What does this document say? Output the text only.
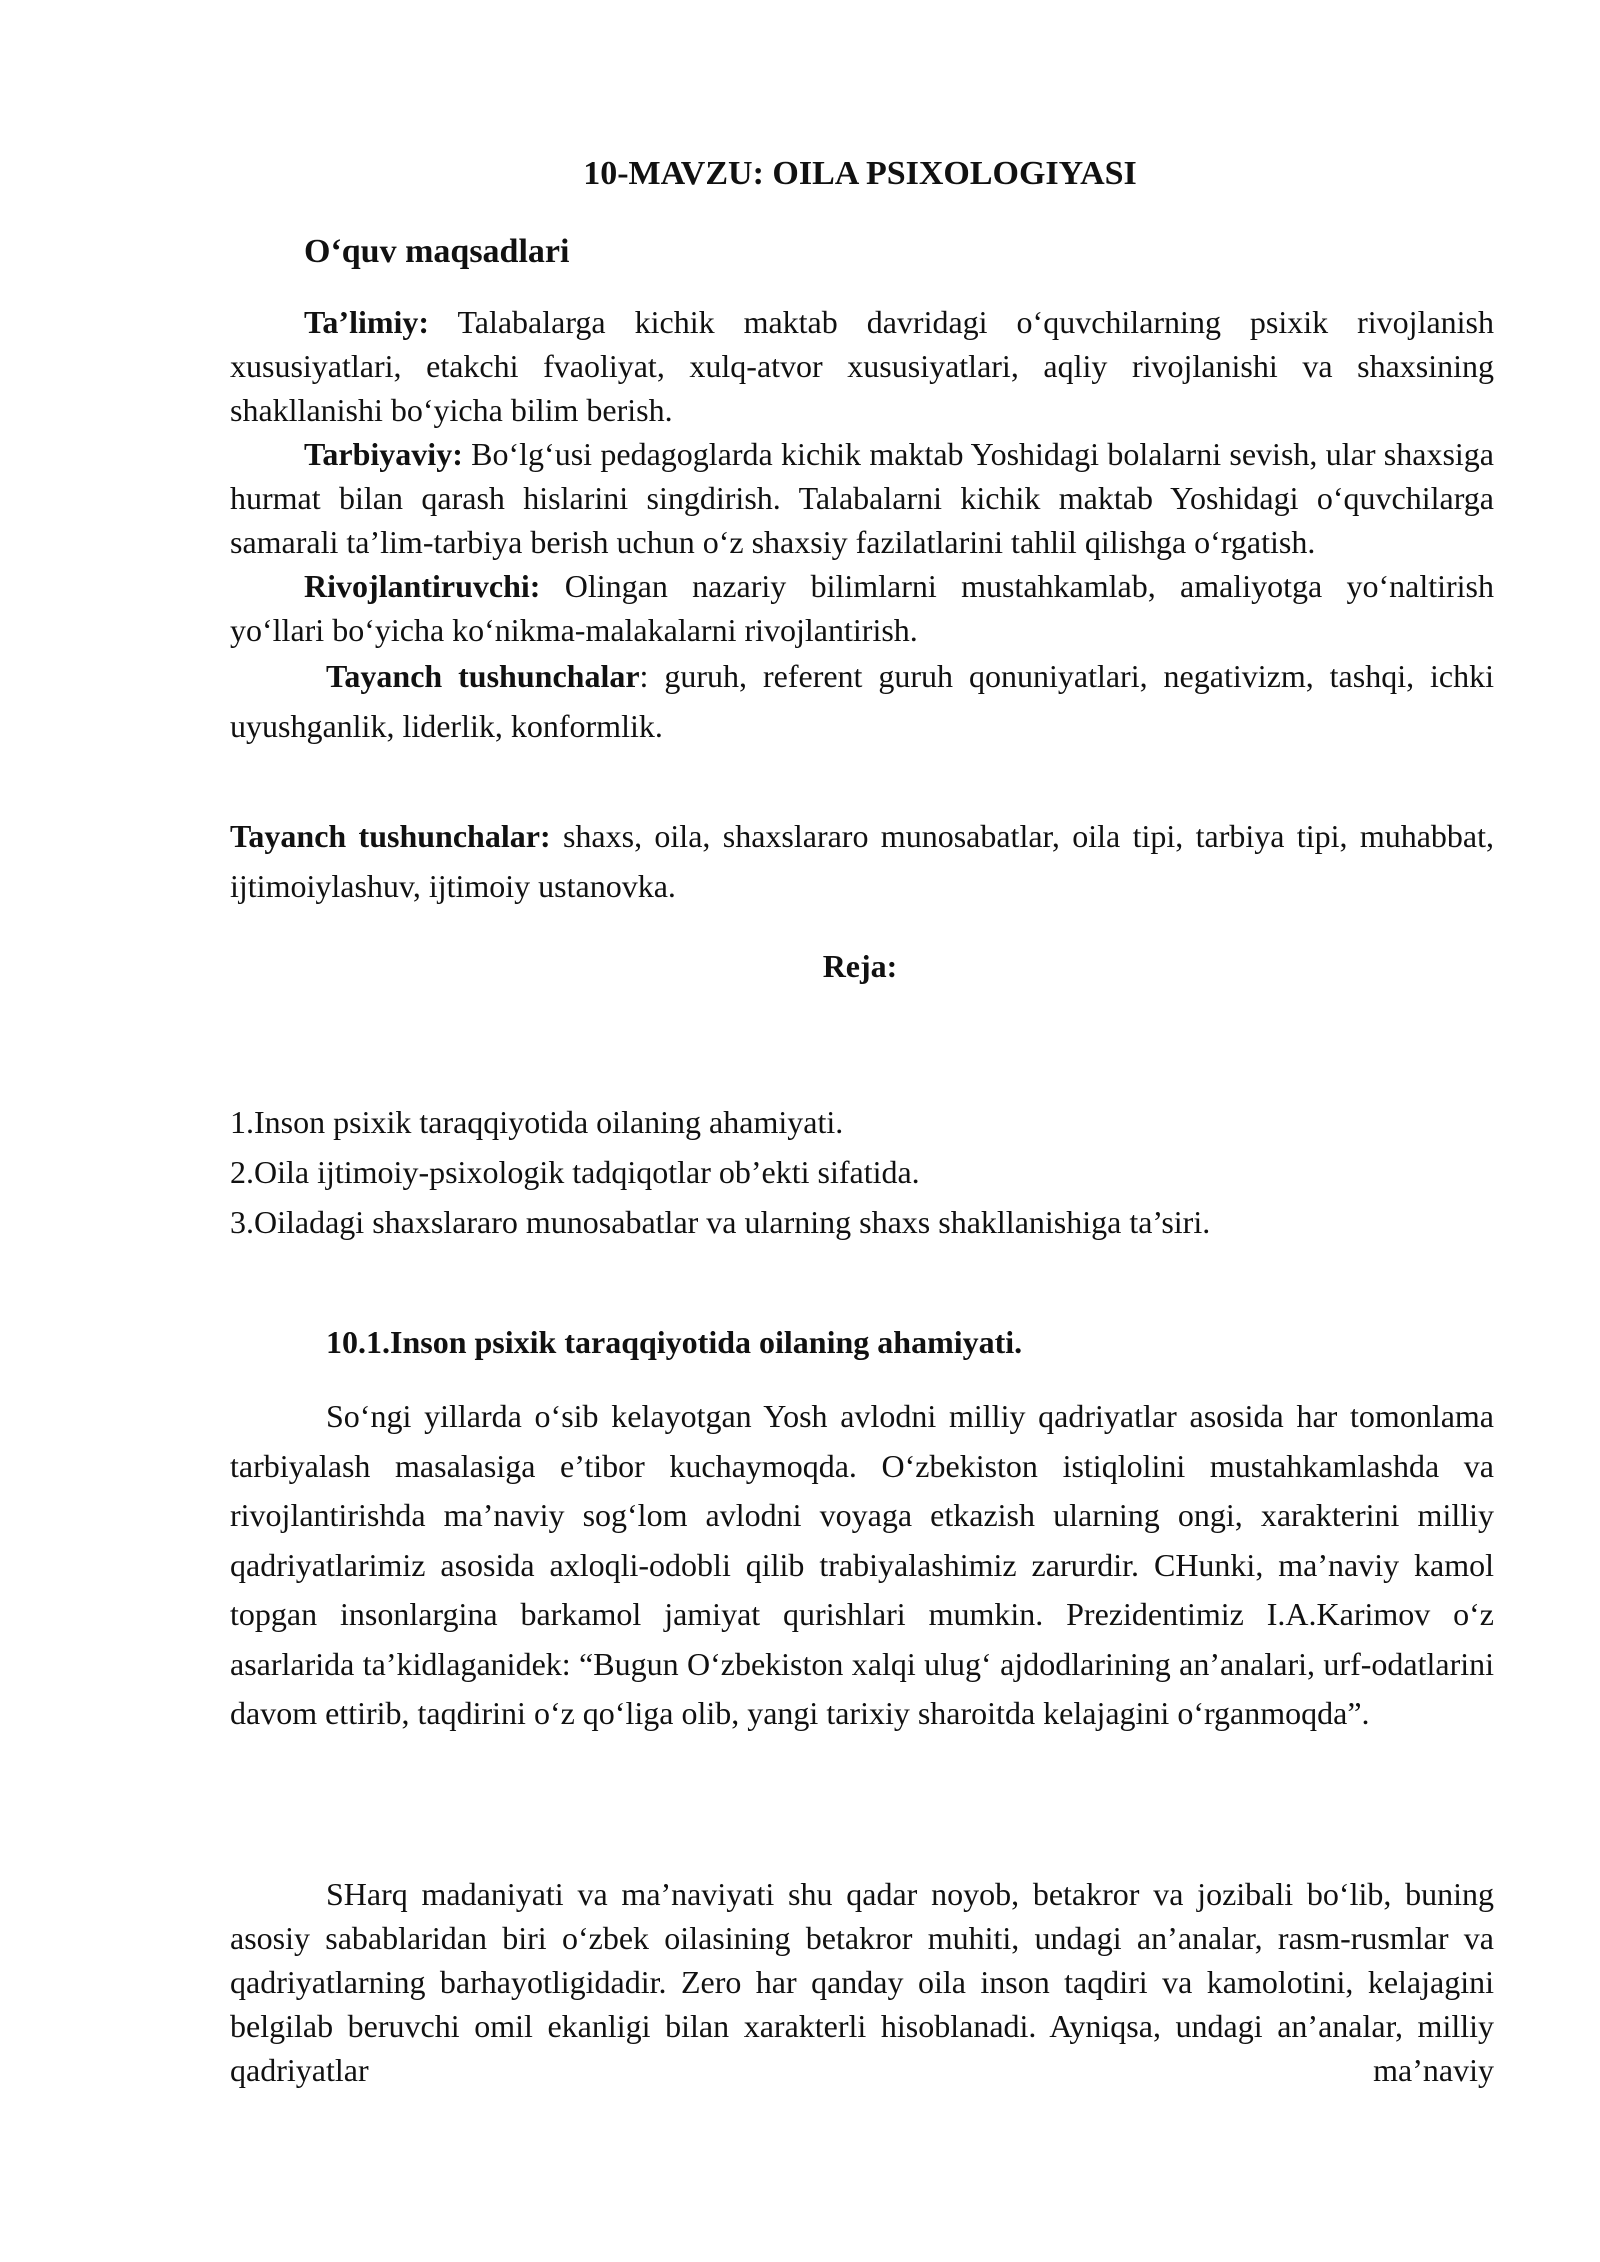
10-MAVZU: OILA PSIXOLOGIYASI
O‘quv maqsadlari
Ta’limiy: Talabalarga kichik maktab davridagi o‘quvchilarning psixik rivojlanish xususiyatlari, etakchi fvaoliyat, xulq-atvor xususiyatlari, aqliy rivojlanishi va shaxsining shakllanishi bo‘yicha bilim berish.
Tarbiyaviy: Bo‘lg‘usi pedagoglarda kichik maktab Yoshidagi bolalarni sevish, ular shaxsiga hurmat bilan qarash hislarini singdirish. Talabalarni kichik maktab Yoshidagi o‘quvchilarga samarali ta’lim-tarbiya berish uchun o‘z shaxsiy fazilatlarini tahlil qilishga o‘rgatish.
Rivojlantiruvchi: Olingan nazariy bilimlarni mustahkamlab, amaliyotga yo‘naltirish yo‘llari bo‘yicha ko‘nikma-malakalarni rivojlantirish.
Tayanch tushunchalar: guruh, referent guruh qonuniyatlari, negativizm, tashqi, ichki uyushganlik, liderlik, konformlik.
Tayanch tushunchalar: shaxs, oila, shaxslararo munosabatlar, oila tipi, tarbiya tipi, muhabbat, ijtimoiylashuv, ijtimoiy ustanovka.
Reja:
1.Inson psixik taraqqiyotida oilaning ahamiyati.
2.Oila ijtimoiy-psixologik tadqiqotlar ob’ekti sifatida.
3.Oiladagi shaxslararo munosabatlar va ularning shaxs shakllanishiga ta’siri.
10.1.Inson psixik taraqqiyotida oilaning ahamiyati.
So‘ngi yillarda o‘sib kelayotgan Yosh avlodni milliy qadriyatlar asosida har tomonlama tarbiyalash masalasiga e’tibor kuchaymoqda. O‘zbekiston istiqlolini mustahkamlashda va rivojlantirishda ma’naviy sog‘lom avlodni voyaga etkazish ularning ongi, xarakterini milliy qadriyatlarimiz asosida axloqli-odobli qilib trabiyalashimiz zarurdir. CHunki, ma’naviy kamol topgan insonlargina barkamol jamiyat qurishlari mumkin. Prezidentimiz I.A.Karimov o‘z asarlarida ta’kidlaganidek: “Bugun O‘zbekiston xalqi ulug‘ ajdodlarining an’analari, urf-odatlarini davom ettirib, taqdirini o‘z qo‘liga olib, yangi tarixiy sharoitda kelajagini o‘rganmoqda”.
SHarq madaniyati va ma’naviyati shu qadar noyob, betakror va jozibali bo‘lib, buning asosiy sabablaridan biri o‘zbek oilasining betakror muhiti, undagi an’analar, rasm-rusmlar va qadriyatlarning barhayotligidadir. Zero har qanday oila inson taqdiri va kamolotini, kelajagini belgilab beruvchi omil ekanligi bilan xarakterli hisoblanadi. Ayniqsa, undagi an’analar, milliy qadriyatlar ma’naviy
